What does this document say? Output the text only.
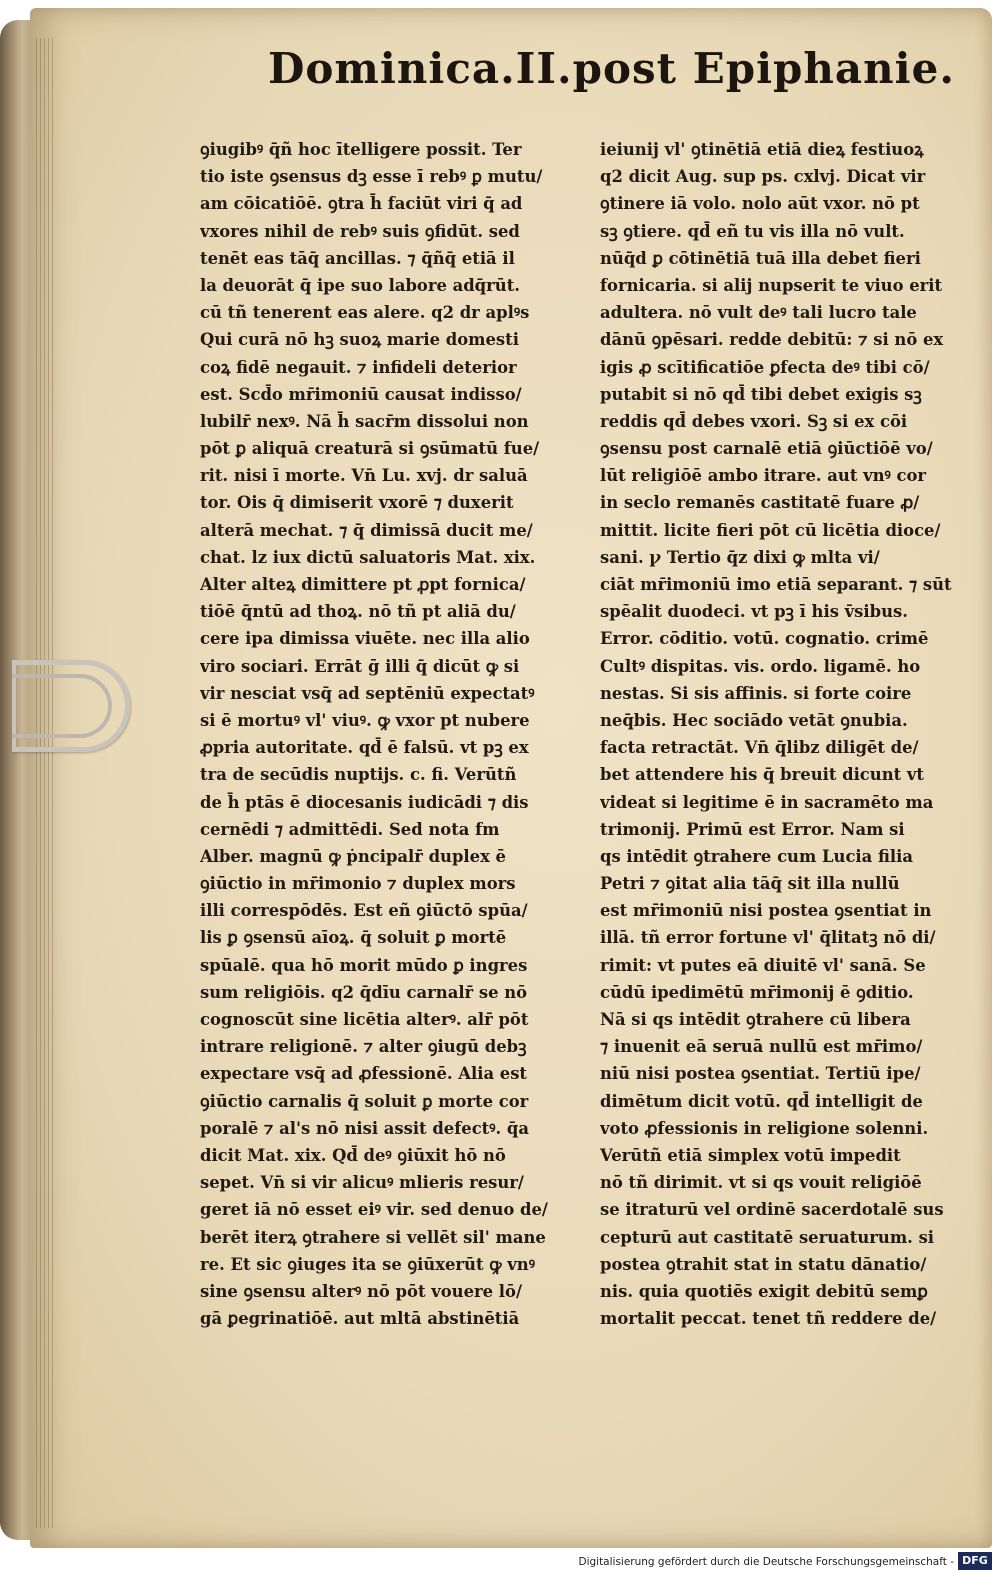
Dominica.II.post Epiphanie.
ꝯiugibꝰ q̄ñ hoc ītelligere possit. Ter
tio iste ꝯsensus dꝫ esse ī rebꝰ ꝑ mutu/
am cōicatiōē. ꝯtra h̄ faciūt viri q̄ ad
vxores nihil de rebꝰ suis ꝯfidūt. sed
tenēt eas tāq̄ ancillas. ⁊ q̄ñq̄ etiā il
la deuorāt q̄ ipe suo labore adq̄rūt.
cū tñ tenerent eas alere. q2 dr aplꝰs
Qui curā nō hꝫ suoꝝ marie domesti
coꝝ fidē negauit. ⁊ infideli deterior
est. Scd̄o mr̄imoniū causat indisso/
lubilr̄ nexꝰ. Nā h̄ sacr̄m dissolui non
pōt ꝑ aliquā creaturā si ꝯsūmatū fue/
rit. nisi ī morte. Vn̄ Lu. xvj. dr saluā
tor. Ois q̄ dimiserit vxorē ⁊ duxerit
alterā mechat. ⁊ q̄ dimissā ducit me/
chat. lz iux dictū saluatoris Mat. xix.
Alter alteꝝ dimittere pt ꝓpt fornica/
tiōē q̄ntū ad thoꝝ. nō tñ pt aliā du/
cere ipa dimissa viuēte. nec illa alio
viro sociari. Errāt ḡ illi q̄ dicūt ꝙ si
vir nesciat vsq̄ ad septēniū expectatꝰ
si ē mortuꝰ vl' viuꝰ. ꝙ vxor pt nubere
ꝓpria autoritate. qd̄ ē falsū. vt pꝫ ex
tra de secūdis nuptijs. c. fi. Verūtñ
de h̄ ptās ē diocesanis iudicādi ⁊ dis
cernēdi ⁊ admittēdi. Sed nota fm
Alber. magnū ꝙ ṗncipalr̄ duplex ē
ꝯiūctio in mr̄imonio ⁊ duplex mors
illi correspōdēs. Est eñ ꝯiūctō spūa/
lis ꝑ ꝯsensū aīoꝝ. q̄ soluit ꝑ mortē
spūalē. qua hō morit mūdo ꝑ ingres
sum religiōis. q2 q̄dīu carnalr̄ se nō
cognoscūt sine licētia alterꝰ. alr̄ pōt
intrare religionē. ⁊ alter ꝯiugū debꝫ
expectare vsq̄ ad ꝓfessionē. Alia est
ꝯiūctio carnalis q̄ soluit ꝑ morte cor
poralē ⁊ al's nō nisi assit defectꝰ. q̄a
dicit Mat. xix. Qd̄ deꝰ ꝯiūxit hō nō
sepet. Vn̄ si vir alicuꝰ mlieris resur/
geret iā nō esset eiꝰ vir. sed denuo de/
berēt iterꝝ ꝯtrahere si vellēt sil' mane
re. Et sic ꝯiuges ita se ꝯiūxerūt ꝙ vnꝰ
sine ꝯsensu alterꝰ nō pōt vouere lō/
gā ꝑegrinatiōē. aut mltā abstinētiā
ieiunij vl' ꝯtinētiā etiā dieꝝ festiuoꝝ
q2 dicit Aug. sup ps. cxlvj. Dicat vir
ꝯtinere iā volo. nolo aūt vxor. nō pt
sꝫ ꝯtiere. qd̄ eñ tu vis illa nō vult.
nūq̄d ꝑ cōtinētiā tuā illa debet fieri
fornicaria. si alij nupserit te viuo erit
adultera. nō vult deꝰ tali lucro tale
dānū ꝯpēsari. redde debitū: ⁊ si nō ex
igis ꝓ scītificatiōe ꝑfecta deꝰ tibi cō/
putabit si nō qd̄ tibi debet exigis sꝫ
reddis qd̄ debes vxori. Sꝫ si ex cōi
ꝯsensu post carnalē etiā ꝯiūctiōē vo/
lūt religiōē ambo itrare. aut vnꝰ cor
in seclo remanēs castitatē fuare ꝓ/
mittit. licite fieri pōt cū licētia dioce/
sani. ꝩ Tertio q̄z dixi ꝙ mlta vi/
ciāt mr̄imoniū imo etiā separant. ⁊ sūt
spēalit duodeci. vt pꝫ ī his v̄sibus.
Error. cōditio. votū. cognatio. crimē
Cultꝰ dispitas. vis. ordo. ligamē. ho
nestas. Si sis affinis. si forte coire
neq̄bis. Hec sociādo vetāt ꝯnubia.
facta retractāt. Vn̄ q̄libz diligēt de/
bet attendere his q̄ breuit dicunt vt
videat si legitime ē in sacramēto ma
trimonij. Primū est Error. Nam si
qs intēdit ꝯtrahere cum Lucia filia
Petri ⁊ ꝯitat alia tāq̄ sit illa nullū
est mr̄imoniū nisi postea ꝯsentiat in
illā. tñ error fortune vl' q̄litatꝫ nō di/
rimit: vt putes eā diuitē vl' sanā. Se
cūdū ipedimētū mr̄imonij ē ꝯditio.
Nā si qs intēdit ꝯtrahere cū libera
⁊ inuenit eā seruā nullū est mr̄imo/
niū nisi postea ꝯsentiat. Tertiū ipe/
dimētum dicit votū. qd̄ intelligit de
voto ꝓfessionis in religione solenni.
Verūtñ etiā simplex votū impedit
nō tñ dirimit. vt si qs vouit religiōē
se itraturū vel ordinē sacerdotalē sus
cepturū aut castitatē seruaturum. si
postea ꝯtrahit stat in statu dānatio/
nis. quia quotiēs exigit debitū semꝑ
mortalit peccat. tenet tñ reddere de/
Digitalisierung gefördert durch die Deutsche Forschungsgemeinschaft - DFG
